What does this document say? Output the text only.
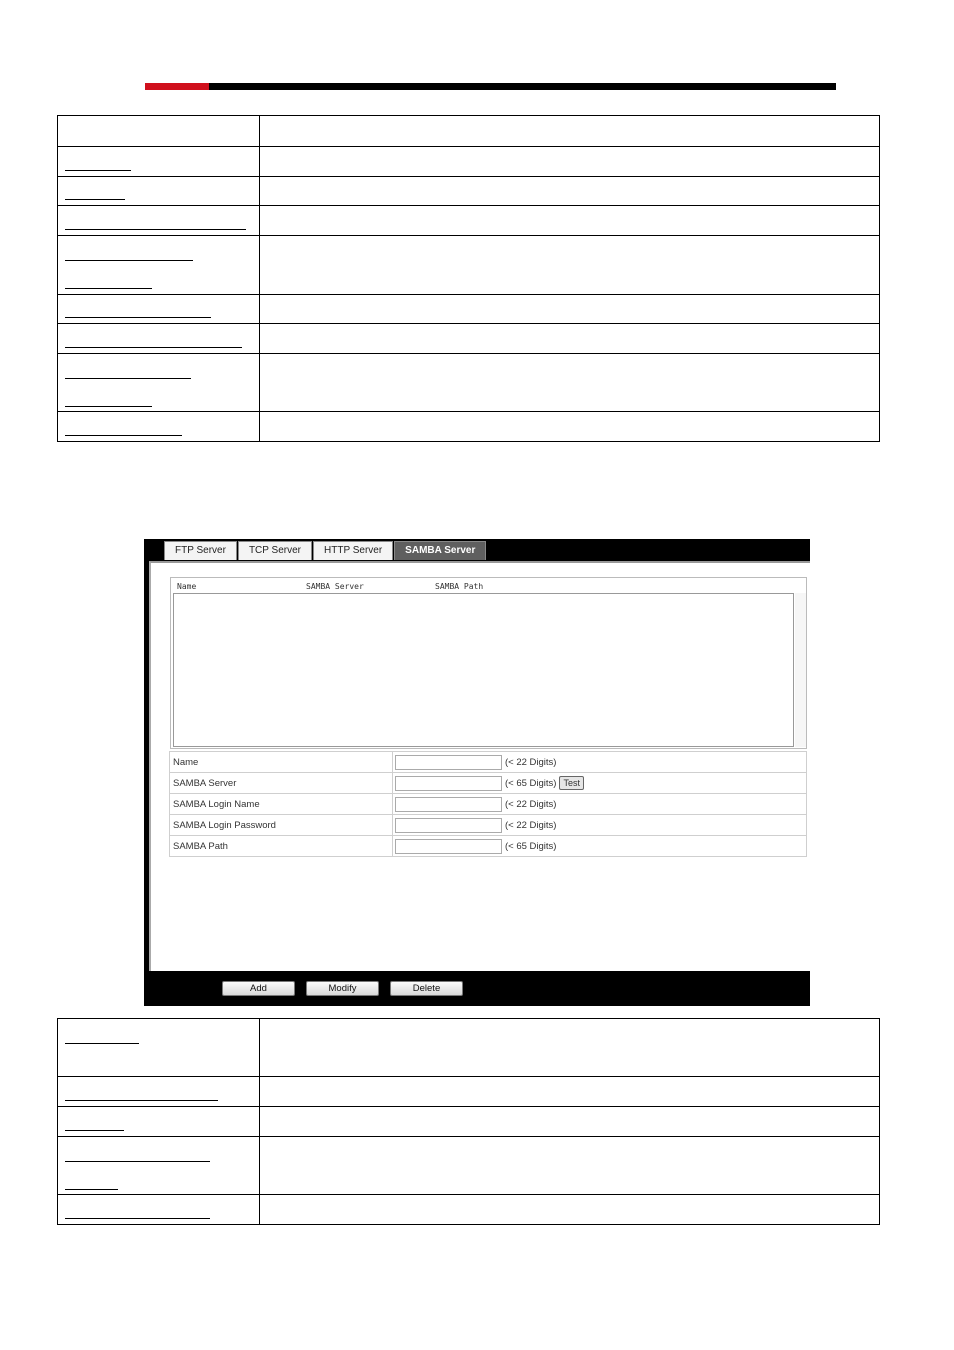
FTP Server	TCP Server	HTTP Server	SAMBA Server
Name	SAMBA Server	SAMBA Path
Name	(< 22 Digits)
SAMBA Server	(< 65 Digits) Test
SAMBA Login Name	(< 22 Digits)
SAMBA Login Password	(< 22 Digits)
SAMBA Path	(< 65 Digits)
Add	Modify	Delete
